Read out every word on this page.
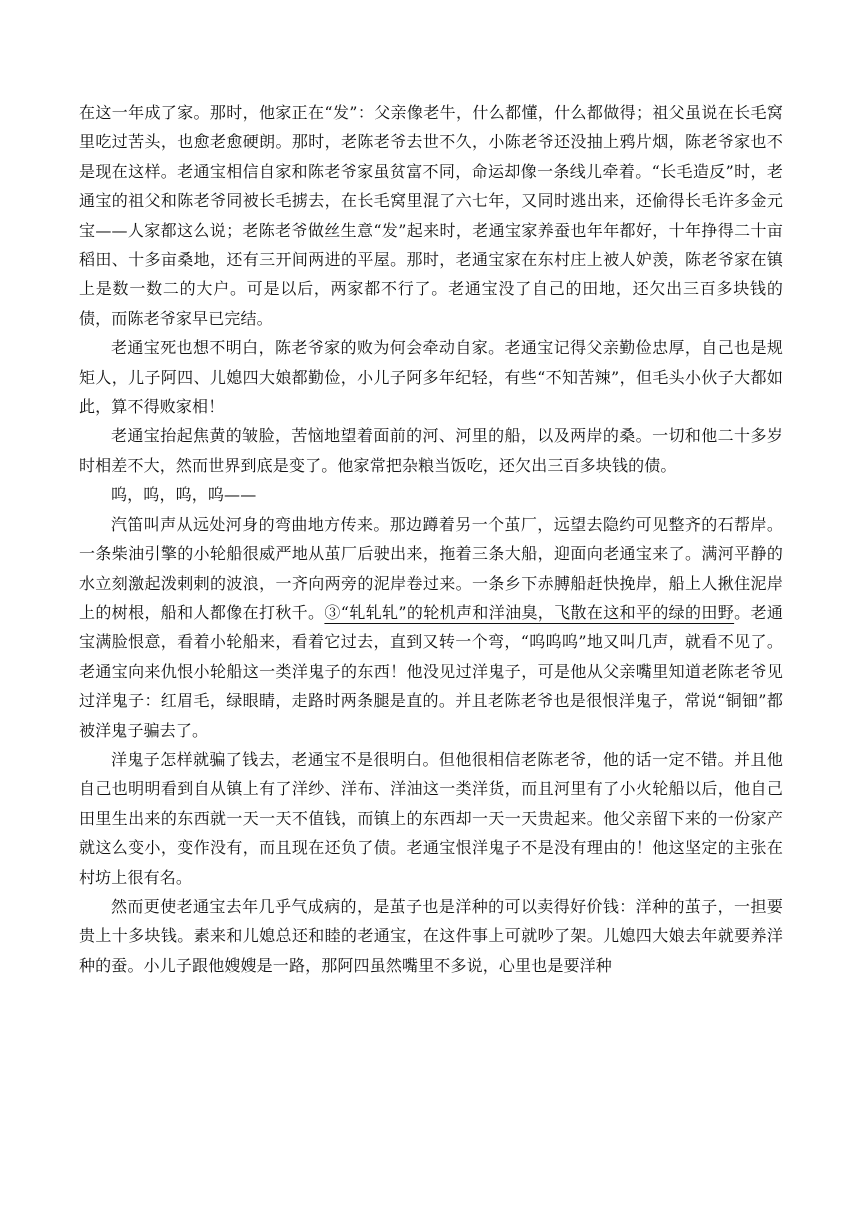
在这一年成了家。那时，他家正在“发”：父亲像老牛，什么都懂，什么都做得；祖父虽说在长毛窝里吃过苦头，也愈老愈硬朗。那时，老陈老爷去世不久，小陈老爷还没抽上鸦片烟，陈老爷家也不是现在这样。老通宝相信自家和陈老爷家虽贫富不同，命运却像一条线儿牵着。“长毛造反”时，老通宝的祖父和陈老爷同被长毛掳去，在长毛窝里混了六七年，又同时逃出来，还偷得长毛许多金元宝——人家都这么说；老陈老爷做丝生意“发”起来时，老通宝家养蚕也年年都好，十年挣得二十亩稻田、十多亩桑地，还有三开间两进的平屋。那时，老通宝家在东村庄上被人妒羡，陈老爷家在镇上是数一数二的大户。可是以后，两家都不行了。老通宝没了自己的田地，还欠出三百多块钱的债，而陈老爷家早已完结。

老通宝死也想不明白，陈老爷家的败为何会牵动自家。老通宝记得父亲勤俭忠厚，自己也是规矩人，儿子阿四、儿媳四大娘都勤俭，小儿子阿多年纪轻，有些“不知苦辣”，但毛头小伙子大都如此，算不得败家相！

老通宝抬起焦黄的皱脸，苦恼地望着面前的河、河里的船，以及两岸的桑。一切和他二十多岁时相差不大，然而世界到底是变了。他家常把杂粮当饭吃，还欠出三百多块钱的债。

呜，呜，呜，呜——

汽笛叫声从远处河身的弯曲地方传来。那边蹲着另一个茧厂，远望去隐约可见整齐的石帮岸。一条柴油引擎的小轮船很威严地从茧厂后驶出来，拖着三条大船，迎面向老通宝来了。满河平静的水立刻激起泼剌剌的波浪，一齐向两旁的泥岸卷过来。一条乡下赤膊船赶快挽岸，船上人揪住泥岸上的树根，船和人都像在打秋千。③“轧轧轧”的轮机声和洋油臭，飞散在这和平的绿的田野。老通宝满脸恨意，看着小轮船来，看着它过去，直到又转一个弯，“呜呜呜”地又叫几声，就看不见了。老通宝向来仇恨小轮船这一类洋鬼子的东西！他没见过洋鬼子，可是他从父亲嘴里知道老陈老爷见过洋鬼子：红眉毛，绿眼睛，走路时两条腿是直的。并且老陈老爷也是很恨洋鬼子，常说“铜钿”都被洋鬼子骗去了。

洋鬼子怎样就骗了钱去，老通宝不是很明白。但他很相信老陈老爷，他的话一定不错。并且他自己也明明看到自从镇上有了洋纱、洋布、洋油这一类洋货，而且河里有了小火轮船以后，他自己田里生出来的东西就一天一天不值钱，而镇上的东西却一天一天贵起来。他父亲留下来的一份家产就这么变小，变作没有，而且现在还负了债。老通宝恨洋鬼子不是没有理由的！他这坚定的主张在村坊上很有名。

然而更使老通宝去年几乎气成病的，是茧子也是洋种的可以卖得好价钱：洋种的茧子，一担要贵上十多块钱。素来和儿媳总还和睦的老通宝，在这件事上可就吵了架。儿媳四大娘去年就要养洋种的蚕。小儿子跟他嫂嫂是一路，那阿四虽然嘴里不多说，心里也是要洋种
